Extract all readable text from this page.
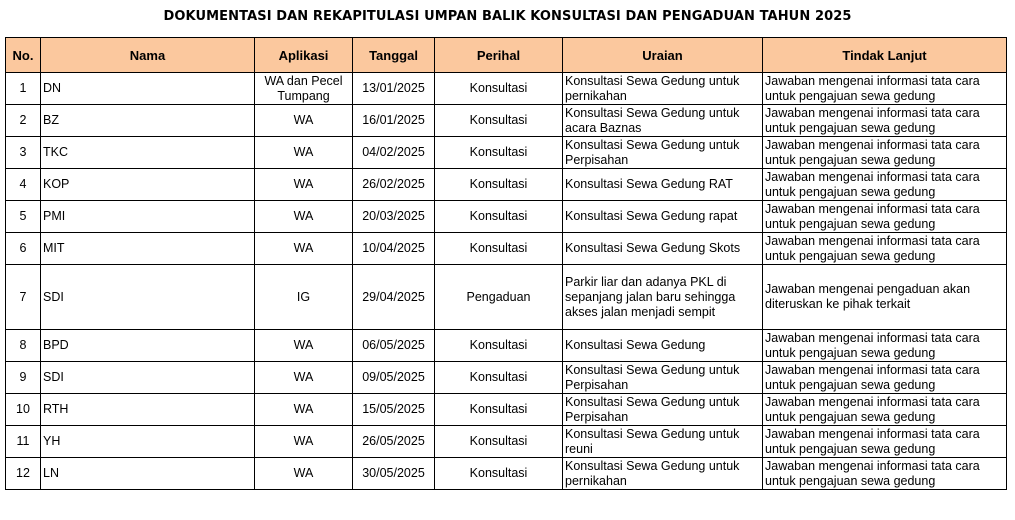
DOKUMENTASI DAN REKAPITULASI UMPAN BALIK KONSULTASI DAN PENGADUAN TAHUN 2025
No.	Nama	Aplikasi	Tanggal	Perihal	Uraian	Tindak Lanjut
1	DN	WA dan Pecel Tumpang	13/01/2025	Konsultasi	Konsultasi Sewa Gedung untuk pernikahan	Jawaban mengenai informasi tata cara untuk pengajuan sewa gedung
2	BZ	WA	16/01/2025	Konsultasi	Konsultasi Sewa Gedung untuk acara Baznas	Jawaban mengenai informasi tata cara untuk pengajuan sewa gedung
3	TKC	WA	04/02/2025	Konsultasi	Konsultasi Sewa Gedung untuk Perpisahan	Jawaban mengenai informasi tata cara untuk pengajuan sewa gedung
4	KOP	WA	26/02/2025	Konsultasi	Konsultasi Sewa Gedung RAT	Jawaban mengenai informasi tata cara untuk pengajuan sewa gedung
5	PMI	WA	20/03/2025	Konsultasi	Konsultasi Sewa Gedung rapat	Jawaban mengenai informasi tata cara untuk pengajuan sewa gedung
6	MIT	WA	10/04/2025	Konsultasi	Konsultasi Sewa Gedung Skots	Jawaban mengenai informasi tata cara untuk pengajuan sewa gedung
7	SDI	IG	29/04/2025	Pengaduan	Parkir liar dan adanya PKL di sepanjang jalan baru sehingga akses jalan menjadi sempit	Jawaban mengenai pengaduan akan diteruskan ke pihak terkait
8	BPD	WA	06/05/2025	Konsultasi	Konsultasi Sewa Gedung	Jawaban mengenai informasi tata cara untuk pengajuan sewa gedung
9	SDI	WA	09/05/2025	Konsultasi	Konsultasi Sewa Gedung untuk Perpisahan	Jawaban mengenai informasi tata cara untuk pengajuan sewa gedung
10	RTH	WA	15/05/2025	Konsultasi	Konsultasi Sewa Gedung untuk Perpisahan	Jawaban mengenai informasi tata cara untuk pengajuan sewa gedung
11	YH	WA	26/05/2025	Konsultasi	Konsultasi Sewa Gedung untuk reuni	Jawaban mengenai informasi tata cara untuk pengajuan sewa gedung
12	LN	WA	30/05/2025	Konsultasi	Konsultasi Sewa Gedung untuk pernikahan	Jawaban mengenai informasi tata cara untuk pengajuan sewa gedung
